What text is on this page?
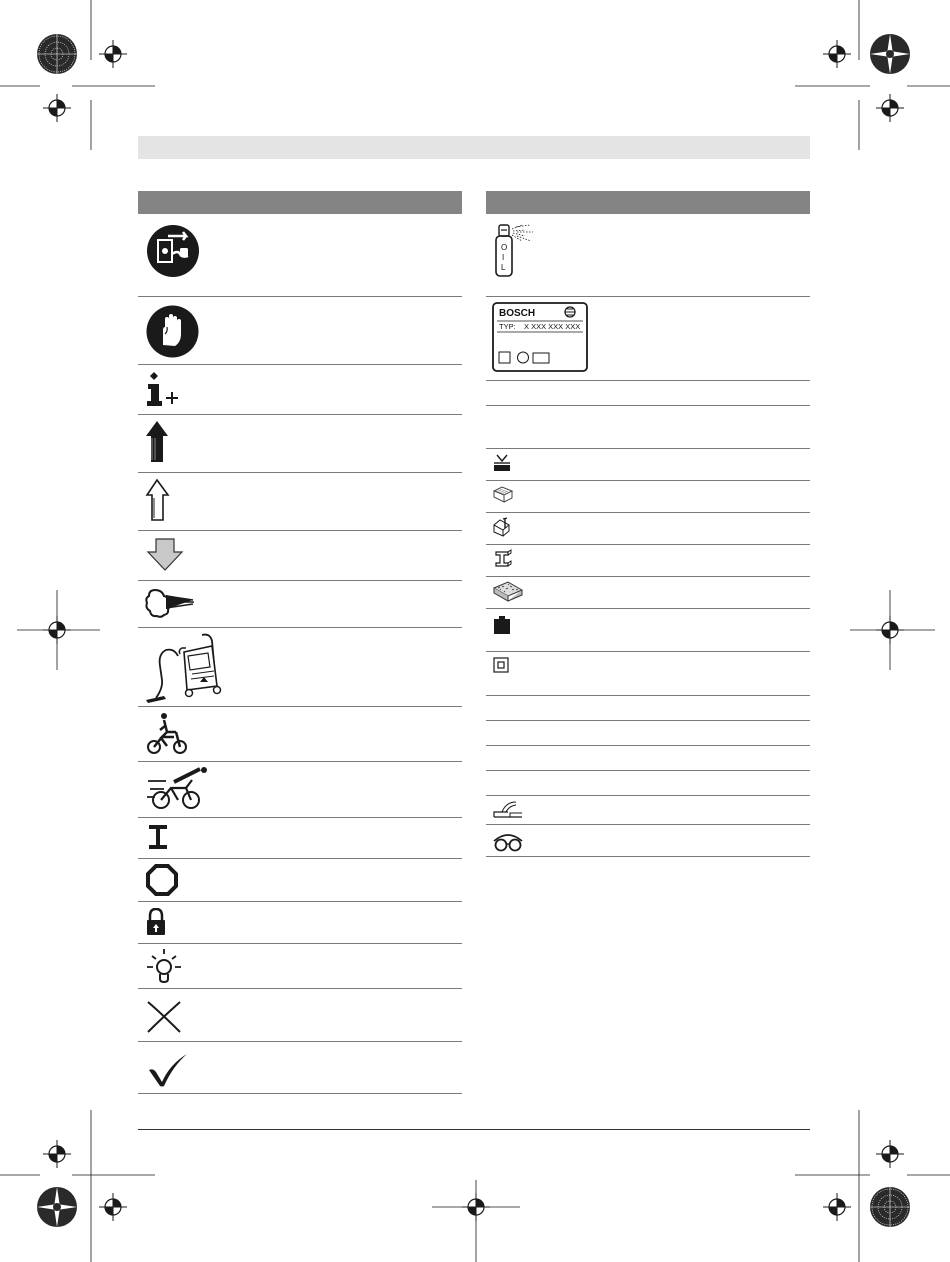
O
I
L
BOSCH
TYP: X XXX XXX XXX
